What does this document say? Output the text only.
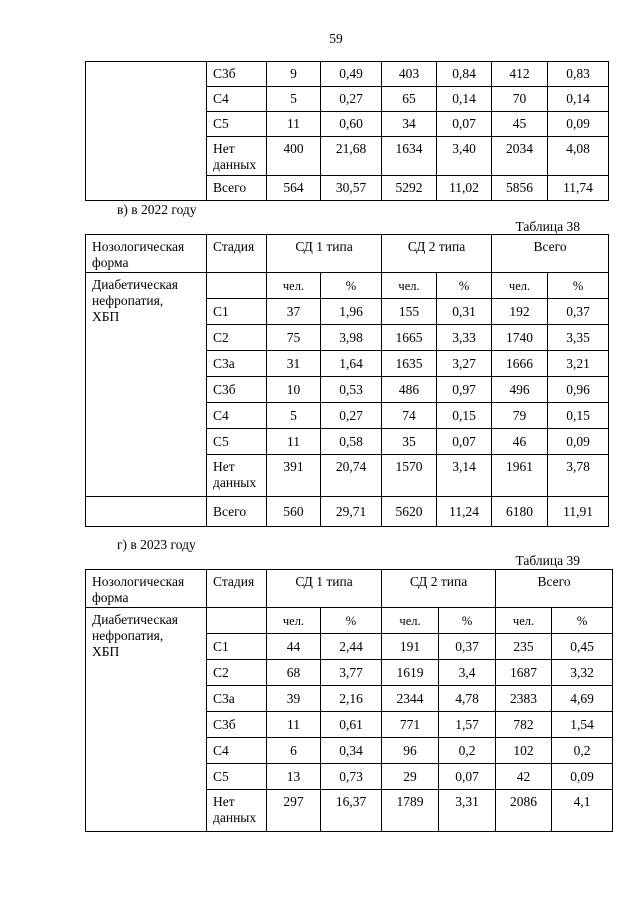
59
	С3б	9	0,49	403	0,84	412	0,83
	С4	5	0,27	65	0,14	70	0,14
	С5	11	0,60	34	0,07	45	0,09

	Нет
данных	400	21,68	1634	3,40	2034	4,08
	Всего	564	30,57	5292	11,02	5856	11,74
в) в 2022 году
Таблица 38
Нозологическая
форма	Стадия	СД 1 типа		СД 2 типа		Всего	

Диабетическая
нефропатия,
ХБП		чел.	%	чел.	%	чел.	%
	С1	37	1,96	155	0,31	192	0,37
	С2	75	3,98	1665	3,33	1740	3,35
	С3а	31	1,64	1635	3,27	1666	3,21
	С3б	10	0,53	486	0,97	496	0,96
	С4	5	0,27	74	0,15	79	0,15
	С5	11	0,58	35	0,07	46	0,09

	Нет
данных	391	20,74	1570	3,14	1961	3,78
	Всего	560	29,71	5620	11,24	6180	11,91
г) в 2023 году
Таблица 39
Нозологическая
форма	Стадия	СД 1 типа		СД 2 типа		Всего	

Диабетическая
нефропатия,
ХБП		чел.	%	чел.	%	чел.	%
	С1	44	2,44	191	0,37	235	0,45
	С2	68	3,77	1619	3,4	1687	3,32
	С3а	39	2,16	2344	4,78	2383	4,69
	С3б	11	0,61	771	1,57	782	1,54
	С4	6	0,34	96	0,2	102	0,2
	С5	13	0,73	29	0,07	42	0,09

	Нет
данных	297	16,37	1789	3,31	2086	4,1
